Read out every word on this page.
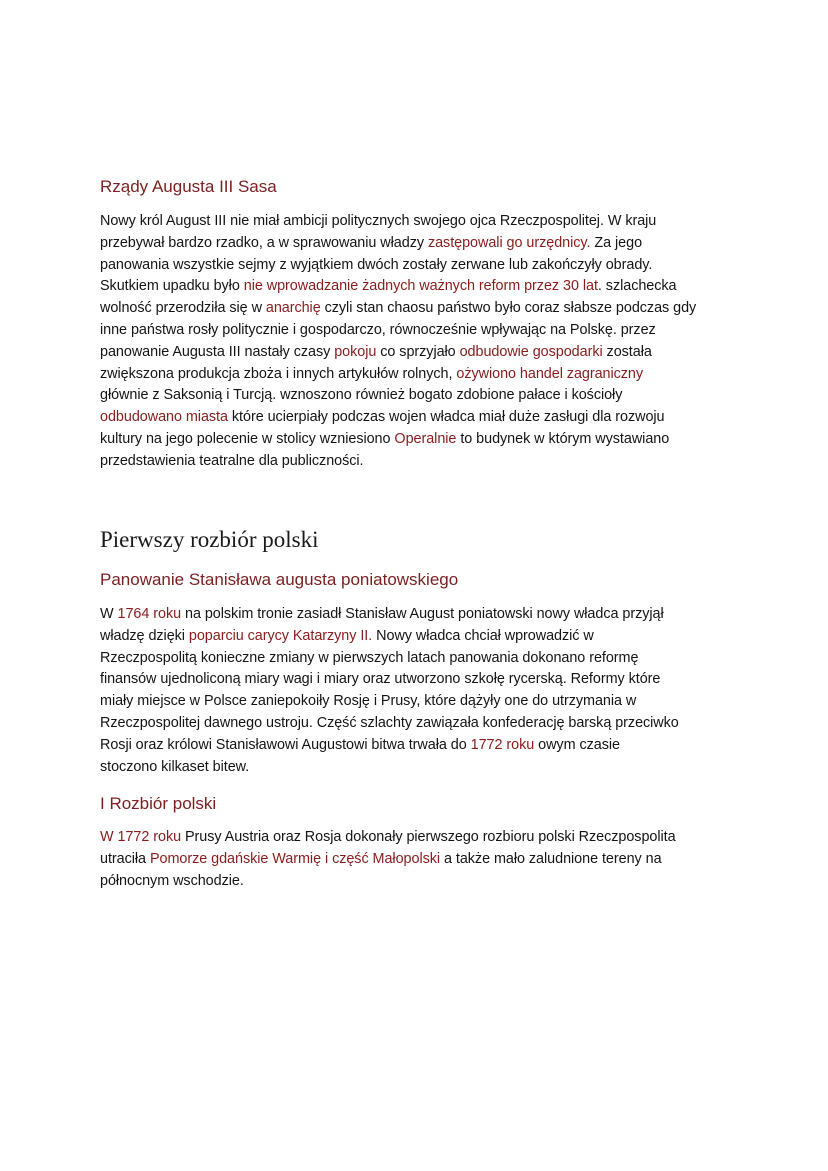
Rządy Augusta III Sasa

Nowy król August III nie miał ambicji politycznych swojego ojca Rzeczpospolitej. W kraju
przebywał bardzo rzadko, a w sprawowaniu władzy zastępowali go urzędnicy. Za jego
panowania wszystkie sejmy z wyjątkiem dwóch zostały zerwane lub zakończyły obrady.
Skutkiem upadku było nie wprowadzanie żadnych ważnych reform przez 30 lat. szlachecka
wolność przerodziła się w anarchię czyli stan chaosu państwo było coraz słabsze podczas gdy
inne państwa rosły politycznie i gospodarczo, równocześnie wpływając na Polskę. przez
panowanie Augusta III nastały czasy pokoju co sprzyjało odbudowie gospodarki została
zwiększona produkcja zboża i innych artykułów rolnych, ożywiono handel zagraniczny
głównie z Saksonią i Turcją. wznoszono również bogato zdobione pałace i kościoły
odbudowano miasta które ucierpiały podczas wojen władca miał duże zasługi dla rozwoju
kultury na jego polecenie w stolicy wzniesiono Operalnie to budynek w którym wystawiano
przedstawienia teatralne dla publiczności.

Pierwszy rozbiór polski
Panowanie Stanisława augusta poniatowskiego

W 1764 roku na polskim tronie zasiadł Stanisław August poniatowski nowy władca przyjął
władzę dzięki poparciu carycy Katarzyny II. Nowy władca chciał wprowadzić w
Rzeczpospolitą konieczne zmiany w pierwszych latach panowania dokonano reformę
finansów ujednoliconą miary wagi i miary oraz utworzono szkołę rycerską. Reformy które
miały miejsce w Polsce zaniepokoiły Rosję i Prusy, które dążyły one do utrzymania w
Rzeczpospolitej dawnego ustroju. Część szlachty zawiązała konfederację barską przeciwko
Rosji oraz królowi Stanisławowi Augustowi bitwa trwała do 1772 roku owym czasie
stoczono kilkaset bitew.

I Rozbiór polski

W 1772 roku Prusy Austria oraz Rosja dokonały pierwszego rozbioru polski Rzeczpospolita
utraciła Pomorze gdańskie Warmię i część Małopolski a także mało zaludnione tereny na
północnym wschodzie.
